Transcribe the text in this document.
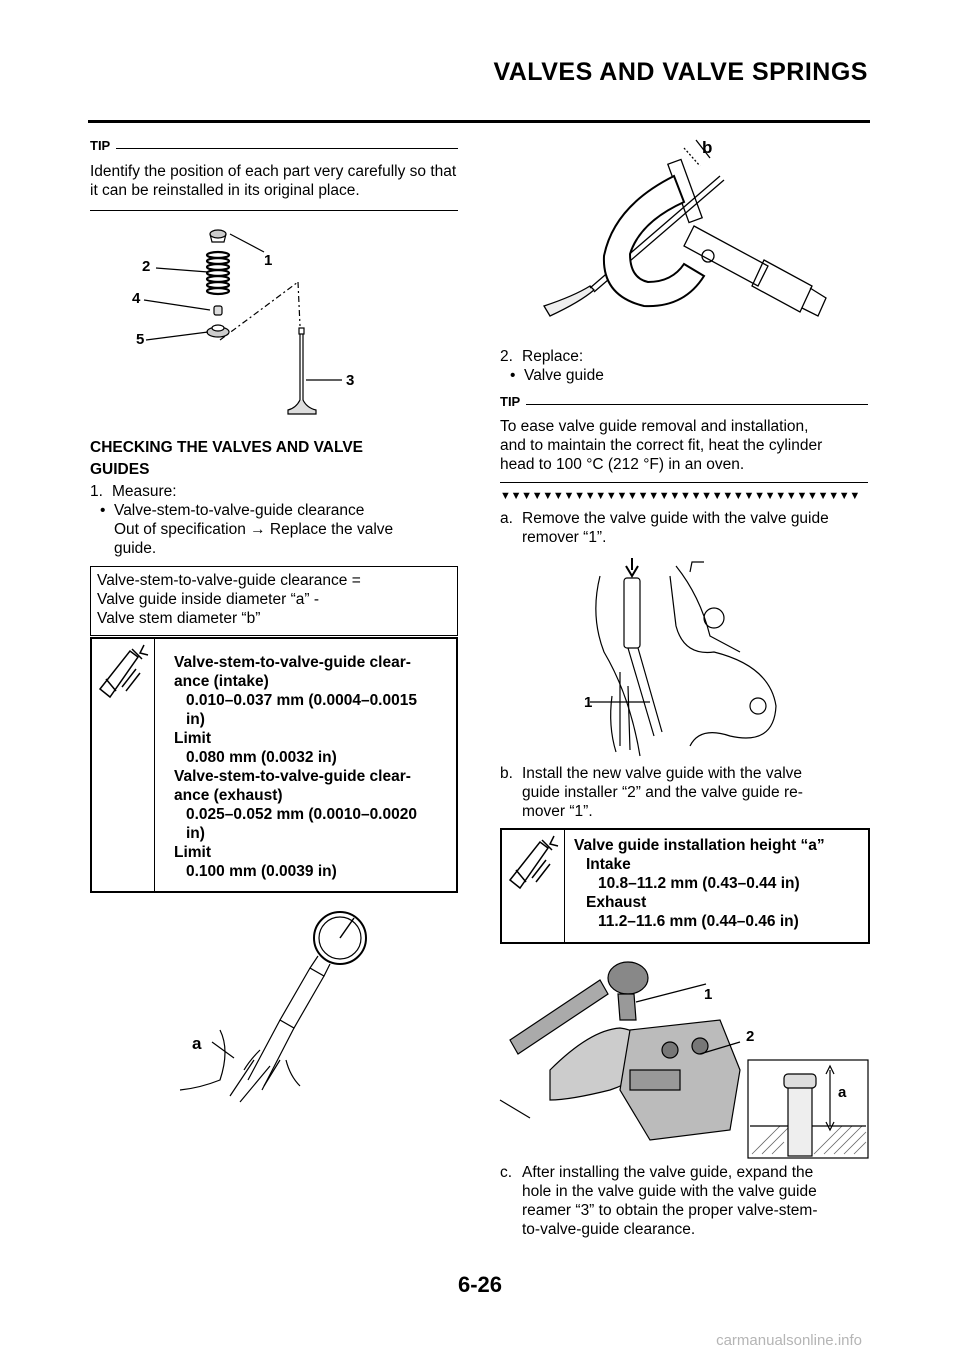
VALVES AND VALVE SPRINGS
TIP
Identify the position of each part very carefully so that it can be reinstalled in its original place.
2	1
4
5
3
CHECKING THE VALVES AND VALVE
GUIDES
1. Measure:
• Valve-stem-to-valve-guide clearance
Out of specification → Replace the valve
guide.
Valve-stem-to-valve-guide clearance =
Valve guide inside diameter “a” -
Valve stem diameter “b”
Valve-stem-to-valve-guide clear-
ance (intake)
0.010–0.037 mm (0.0004–0.0015
in)
Limit
0.080 mm (0.0032 in)
Valve-stem-to-valve-guide clear-
ance (exhaust)
0.025–0.052 mm (0.0010–0.0020
in)
Limit
0.100 mm (0.0039 in)
a
b
2. Replace:
• Valve guide
TIP
To ease valve guide removal and installation,
and to maintain the correct fit, heat the cylinder
head to 100 °C (212 °F) in an oven.
▼▼▼▼▼▼▼▼▼▼▼▼▼▼▼▼▼▼▼▼▼▼▼▼▼▼▼▼▼▼▼▼▼▼
a. Remove the valve guide with the valve guide
remover “1”.
1
b. Install the new valve guide with the valve
guide installer “2” and the valve guide re-
mover “1”.
Valve guide installation height “a”
Intake
10.8–11.2 mm (0.43–0.44 in)
Exhaust
11.2–11.6 mm (0.44–0.46 in)
1
2
a
c. After installing the valve guide, expand the
hole in the valve guide with the valve guide
reamer “3” to obtain the proper valve-stem-
to-valve-guide clearance.
6-26
carmanualsonline.info
